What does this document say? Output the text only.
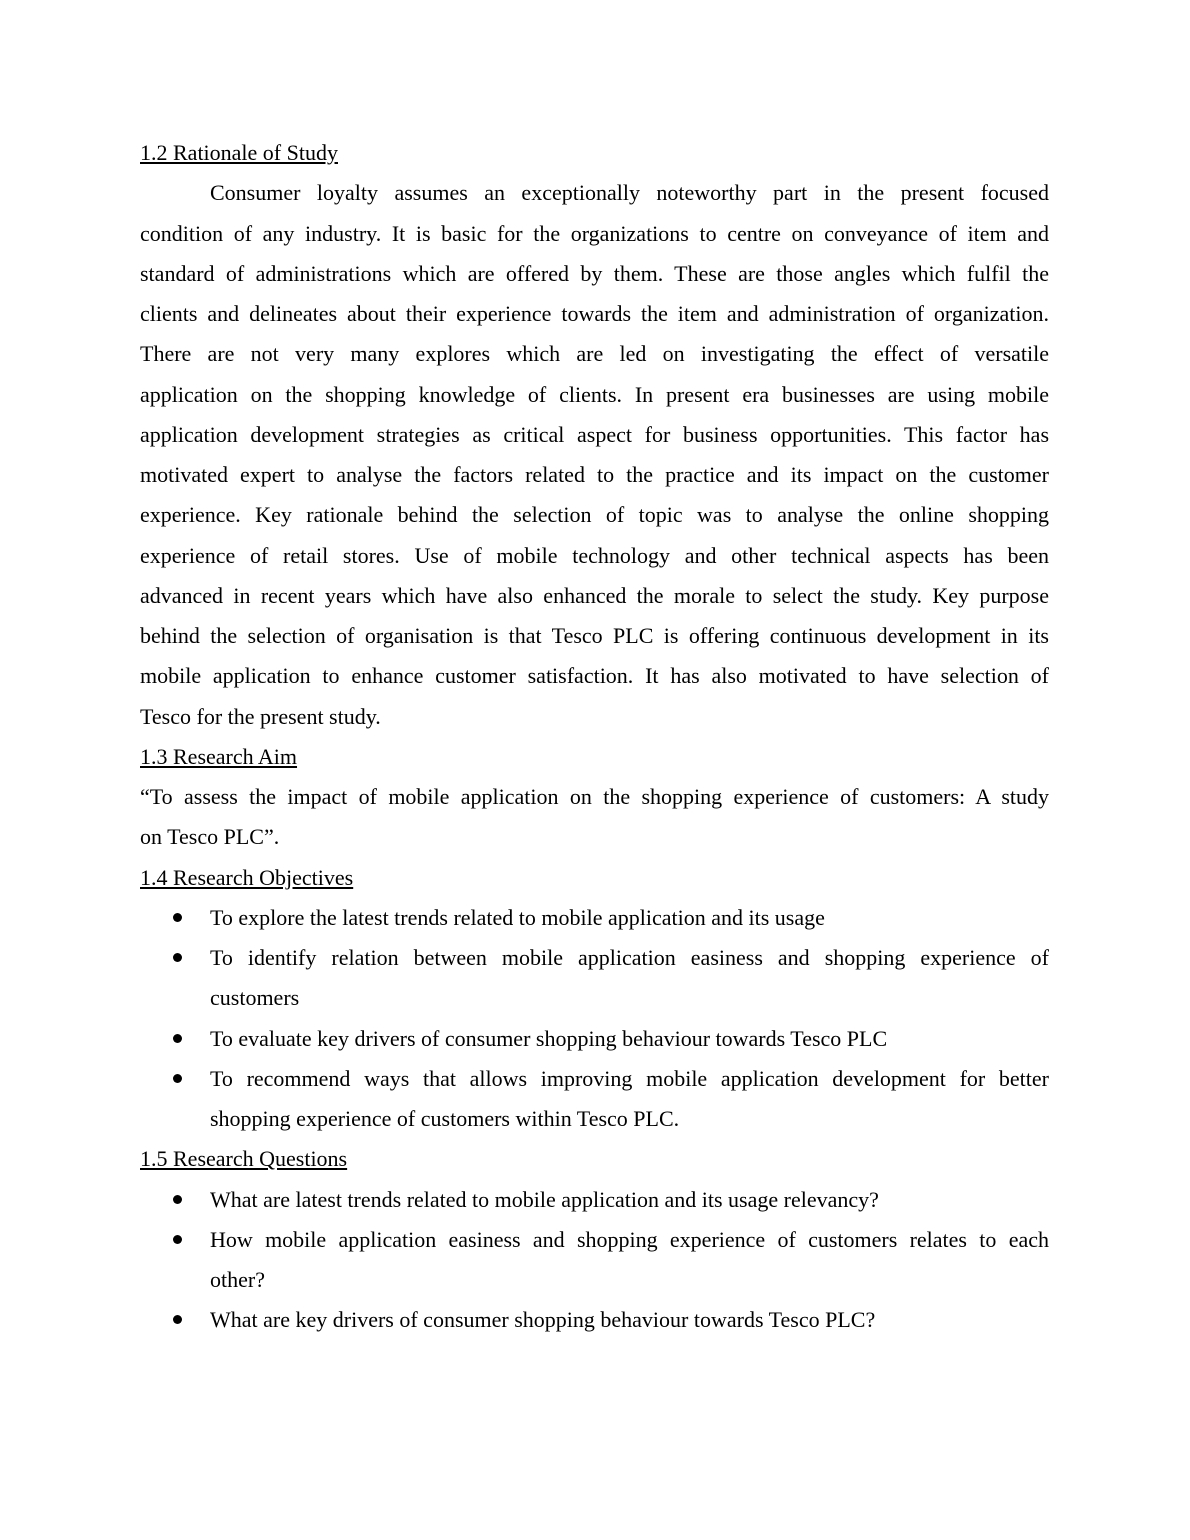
1.2 Rationale of Study
Consumer loyalty assumes an exceptionally noteworthy part in the present focused
condition of any industry. It is basic for the organizations to centre on conveyance of item and
standard of administrations which are offered by them. These are those angles which fulfil the
clients and delineates about their experience towards the item and administration of organization.
There are not very many explores which are led on investigating the effect of versatile
application on the shopping knowledge of clients. In present era businesses are using mobile
application development strategies as critical aspect for business opportunities. This factor has
motivated expert to analyse the factors related to the practice and its impact on the customer
experience. Key rationale behind the selection of topic was to analyse the online shopping
experience of retail stores. Use of mobile technology and other technical aspects has been
advanced in recent years which have also enhanced the morale to select the study. Key purpose
behind the selection of organisation is that Tesco PLC is offering continuous development in its
mobile application to enhance customer satisfaction. It has also motivated to have selection of
Tesco for the present study.
1.3 Research Aim
“To assess the impact of mobile application on the shopping experience of customers: A study
on Tesco PLC”.
1.4 Research Objectives
To explore the latest trends related to mobile application and its usage
To identify relation between mobile application easiness and shopping experience of
customers
To evaluate key drivers of consumer shopping behaviour towards Tesco PLC
To recommend ways that allows improving mobile application development for better
shopping experience of customers within Tesco PLC.
1.5 Research Questions
What are latest trends related to mobile application and its usage relevancy?
How mobile application easiness and shopping experience of customers relates to each
other?
What are key drivers of consumer shopping behaviour towards Tesco PLC?
